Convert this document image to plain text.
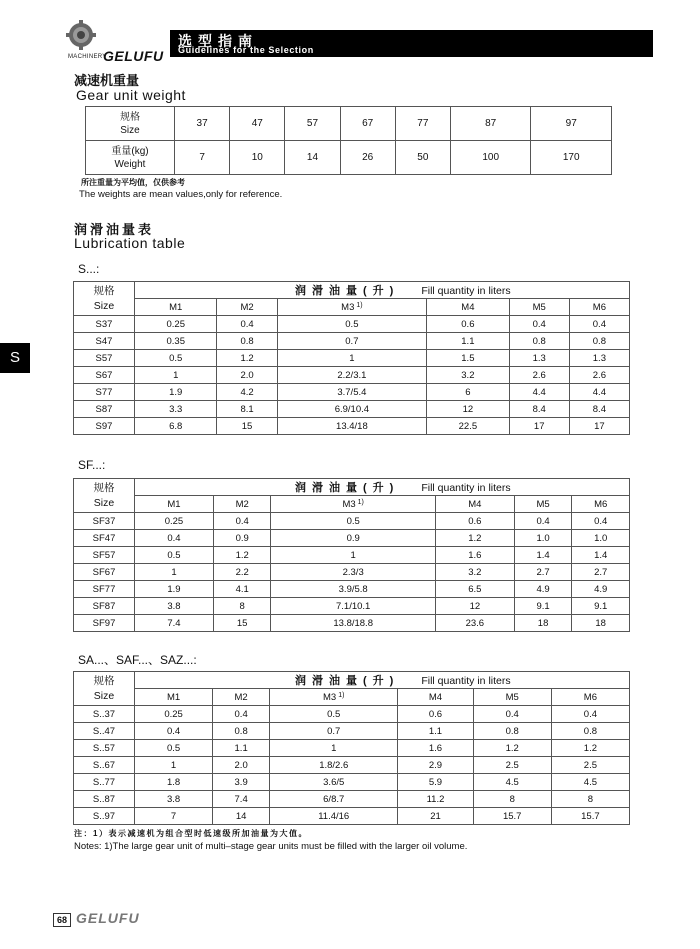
MACHINERY
GELUFU
选型指南
Guidelines for the Selection
S
减速机重量
Gear unit weight
规格
Size	37	47	57	67	77	87	97

重量(kg)
Weight	7	10	14	26	50	100	170
所注重量为平均值，仅供参考
The weights are mean values,only for reference.
润滑油量表
Lubrication table
S...:
规格
Size	润滑油量(升) Fill quantity in liters					
	M1	M2	M3 $^{1)}$	M4	M5	M6
S37	0.25	0.4	0.5	0.6	0.4	0.4
S47	0.35	0.8	0.7	1.1	0.8	0.8
S57	0.5	1.2	1	1.5	1.3	1.3
S67	1	2.0	2.2/3.1	3.2	2.6	2.6
S77	1.9	4.2	3.7/5.4	6	4.4	4.4
S87	3.3	8.1	6.9/10.4	12	8.4	8.4
S97	6.8	15	13.4/18	22.5	17	17
SF...:
规格
Size	润滑油量(升) Fill quantity in liters					
	M1	M2	M3 $^{1)}$	M4	M5	M6
SF37	0.25	0.4	0.5	0.6	0.4	0.4
SF47	0.4	0.9	0.9	1.2	1.0	1.0
SF57	0.5	1.2	1	1.6	1.4	1.4
SF67	1	2.2	2.3/3	3.2	2.7	2.7
SF77	1.9	4.1	3.9/5.8	6.5	4.9	4.9
SF87	3.8	8	7.1/10.1	12	9.1	9.1
SF97	7.4	15	13.8/18.8	23.6	18	18
SA...、SAF...、SAZ...:
规格
Size	润滑油量(升) Fill quantity in liters					
	M1	M2	M3 $^{1)}$	M4	M5	M6
S..37	0.25	0.4	0.5	0.6	0.4	0.4
S..47	0.4	0.8	0.7	1.1	0.8	0.8
S..57	0.5	1.1	1	1.6	1.2	1.2
S..67	1	2.0	1.8/2.6	2.9	2.5	2.5
S..77	1.8	3.9	3.6/5	5.9	4.5	4.5
S..87	3.8	7.4	6/8.7	11.2	8	8
S..97	7	14	11.4/16	21	15.7	15.7
注：1）表示减速机为组合型时低速级所加油量为大值。
Notes: 1)The large gear unit of multi–stage gear units must be filled with the larger oil volume.
68 GELUFU
